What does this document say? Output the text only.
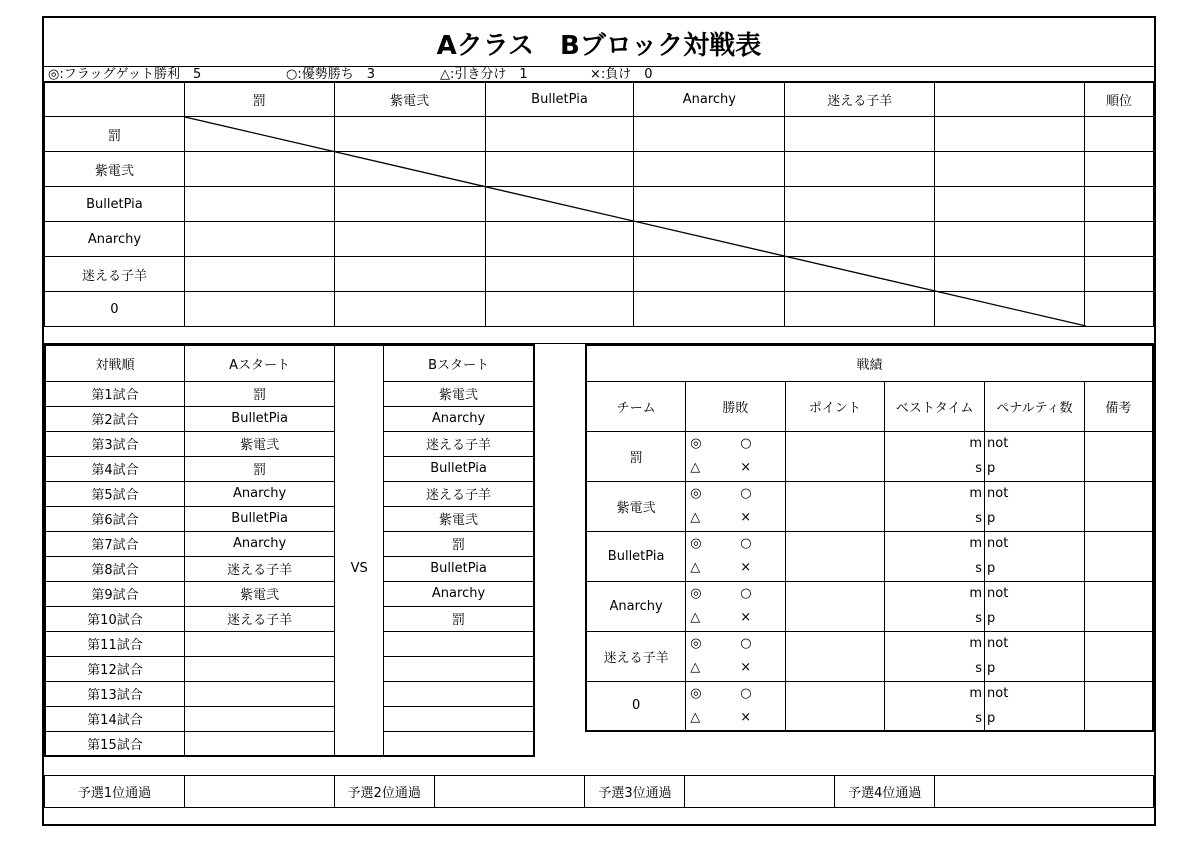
Aクラス　Bブロック対戦表
◎:フラッグゲット勝利　5	○:優勢勝ち　3	△:引き分け　1	×:負け　0
	罰	紫電弐	BulletPia	Anarchy	迷える子羊		順位
罰							
紫電弐							
BulletPia							
Anarchy							
迷える子羊							
0							
対戦順	Aスタート		Bスタート
第1試合	罰	VS	紫電弐
第2試合	BulletPia		Anarchy
第3試合	紫電弐		迷える子羊
第4試合	罰		BulletPia
第5試合	Anarchy		迷える子羊
第6試合	BulletPia		紫電弐
第7試合	Anarchy		罰
第8試合	迷える子羊		BulletPia
第9試合	紫電弐		Anarchy
第10試合	迷える子羊		罰
第11試合			
第12試合			
第13試合			
第14試合			
第15試合			
戦績					
チーム	勝敗	ポイント	ベストタイム	ペナルティ数	備考
罰	◎ ○		m	not	

	△ ×		s	p	
紫電弐	◎ ○		m	not	

	△ ×		s	p	
BulletPia	◎ ○		m	not	

	△ ×		s	p	
Anarchy	◎ ○		m	not	

	△ ×		s	p	
迷える子羊	◎ ○		m	not	

	△ ×		s	p	
0	◎ ○		m	not	

	△ ×		s	p	
予選1位通過		予選2位通過		予選3位通過		予選4位通過	
